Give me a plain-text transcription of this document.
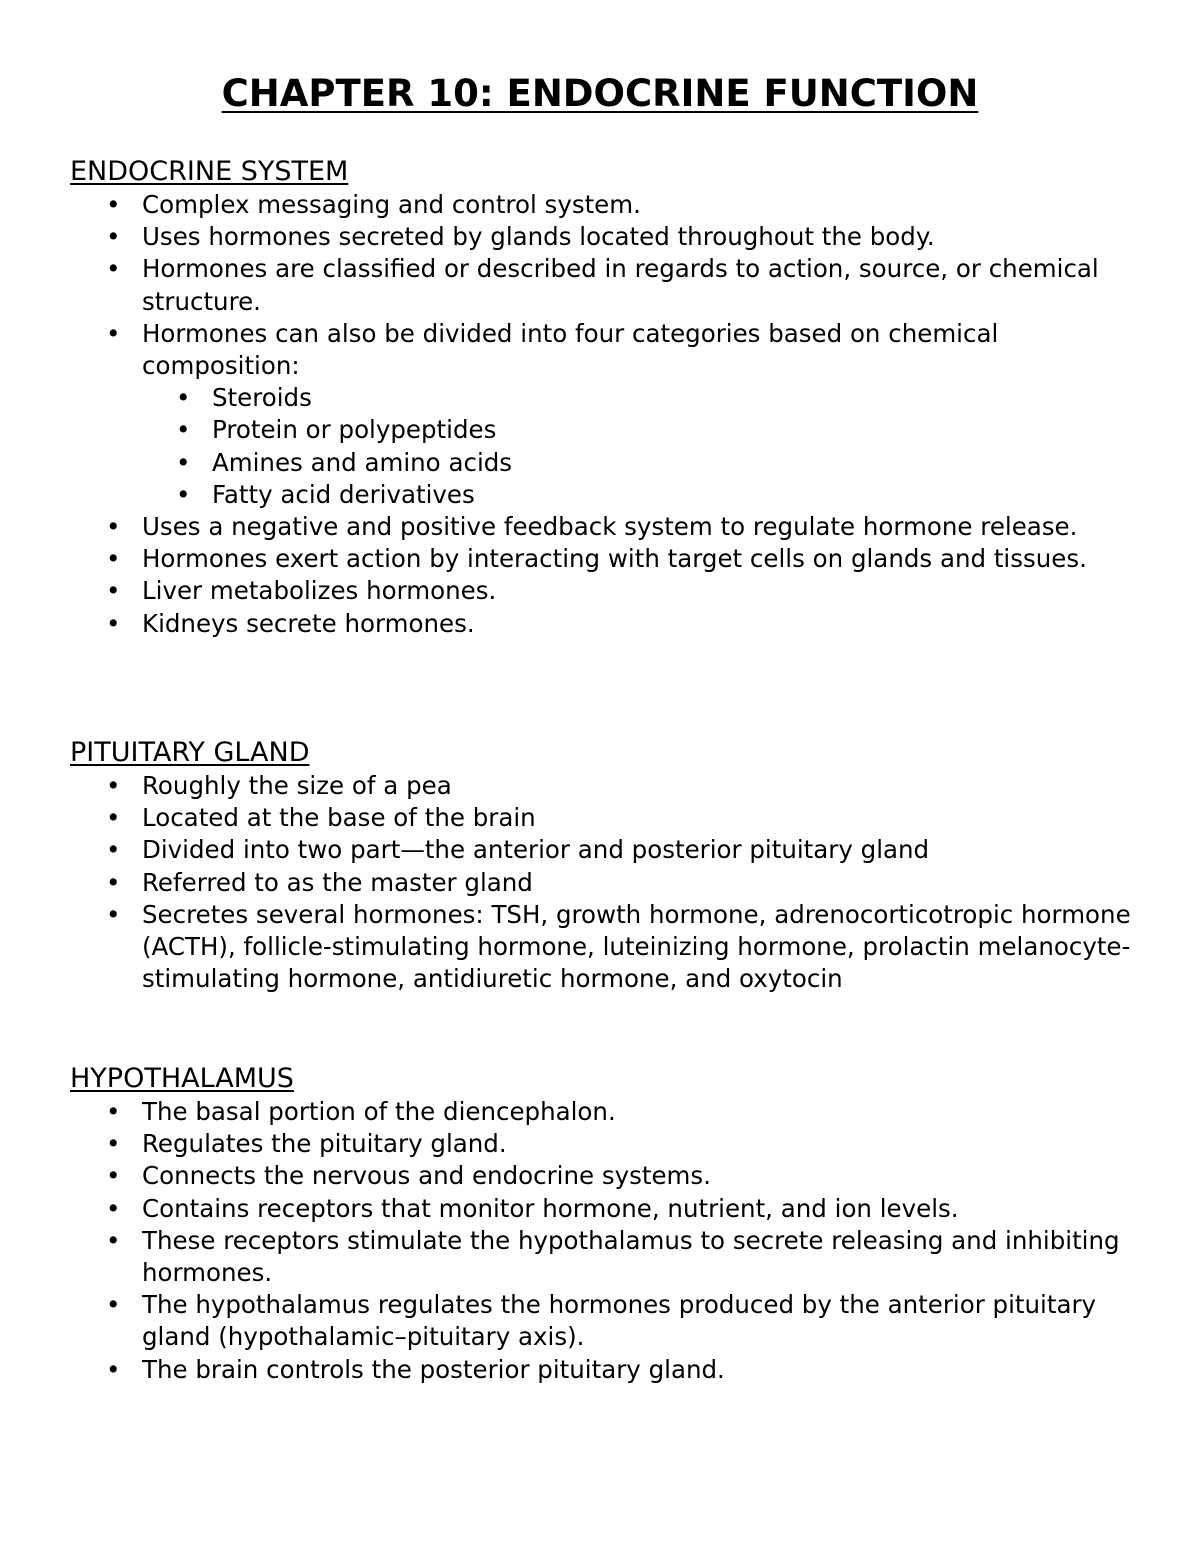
CHAPTER 10: ENDOCRINE FUNCTION
ENDOCRINE SYSTEM
• Complex messaging and control system.
• Uses hormones secreted by glands located throughout the body.
• Hormones are classified or described in regards to action, source, or chemical structure.
• Hormones can also be divided into four categories based on chemical composition:
• Steroids
• Protein or polypeptides
• Amines and amino acids
• Fatty acid derivatives
• Uses a negative and positive feedback system to regulate hormone release.
• Hormones exert action by interacting with target cells on glands and tissues.
• Liver metabolizes hormones.
• Kidneys secrete hormones.
PITUITARY GLAND
• Roughly the size of a pea
• Located at the base of the brain
• Divided into two part—the anterior and posterior pituitary gland
• Referred to as the master gland
• Secretes several hormones: TSH, growth hormone, adrenocorticotropic hormone (ACTH), follicle-stimulating hormone, luteinizing hormone, prolactin melanocyte-stimulating hormone, antidiuretic hormone, and oxytocin
HYPOTHALAMUS
• The basal portion of the diencephalon.
• Regulates the pituitary gland.
• Connects the nervous and endocrine systems.
• Contains receptors that monitor hormone, nutrient, and ion levels.
• These receptors stimulate the hypothalamus to secrete releasing and inhibiting hormones.
• The hypothalamus regulates the hormones produced by the anterior pituitary gland (hypothalamic–pituitary axis).
• The brain controls the posterior pituitary gland.
